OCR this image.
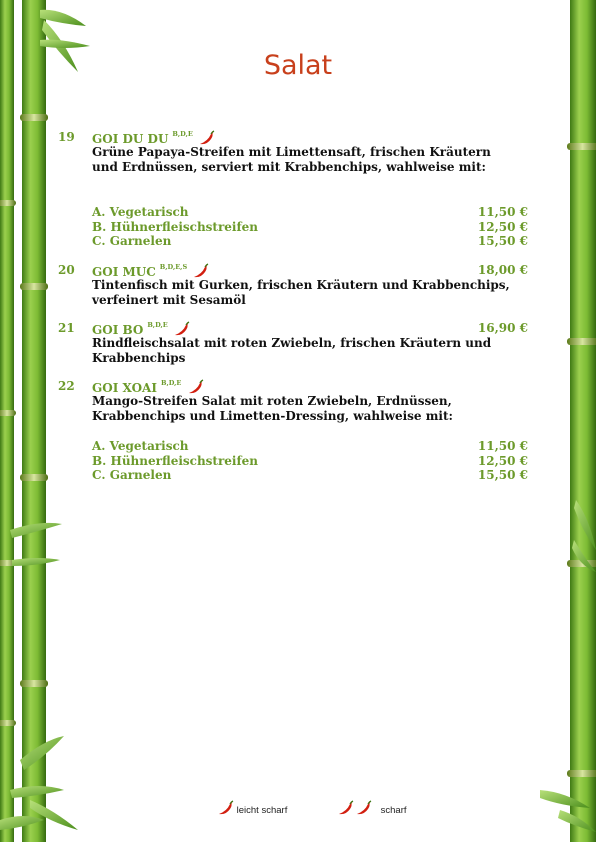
Salat
19 GOI DU DU $^{B,D,E}$

Grüne Papaya-Streifen mit Limettensaft, frischen Kräutern und Erdnüssen, serviert mit Krabbenchips, wahlweise mit:

A. Vegetarisch	11,50 €
B. Hühnerfleischstreifen	12,50 €
C. Garnelen	15,50 €
20 GOI MUC $^{B,D,E,S}$	18,00 €

Tintenfisch mit Gurken, frischen Kräutern und Krabbenchips, verfeinert mit Sesamöl

21 GOI BO $^{B,D,E}$	16,90 €

Rindfleischsalat mit roten Zwiebeln, frischen Kräutern und Krabbenchips

22 GOI XOAI $^{B,D,E}$

Mango-Streifen Salat mit roten Zwiebeln, Erdnüssen, Krabbenchips und Limetten-Dressing, wahlweise mit:

A. Vegetarisch	11,50 €
B. Hühnerfleischstreifen	12,50 €
C. Garnelen	15,50 €
leicht scharf	scharf
